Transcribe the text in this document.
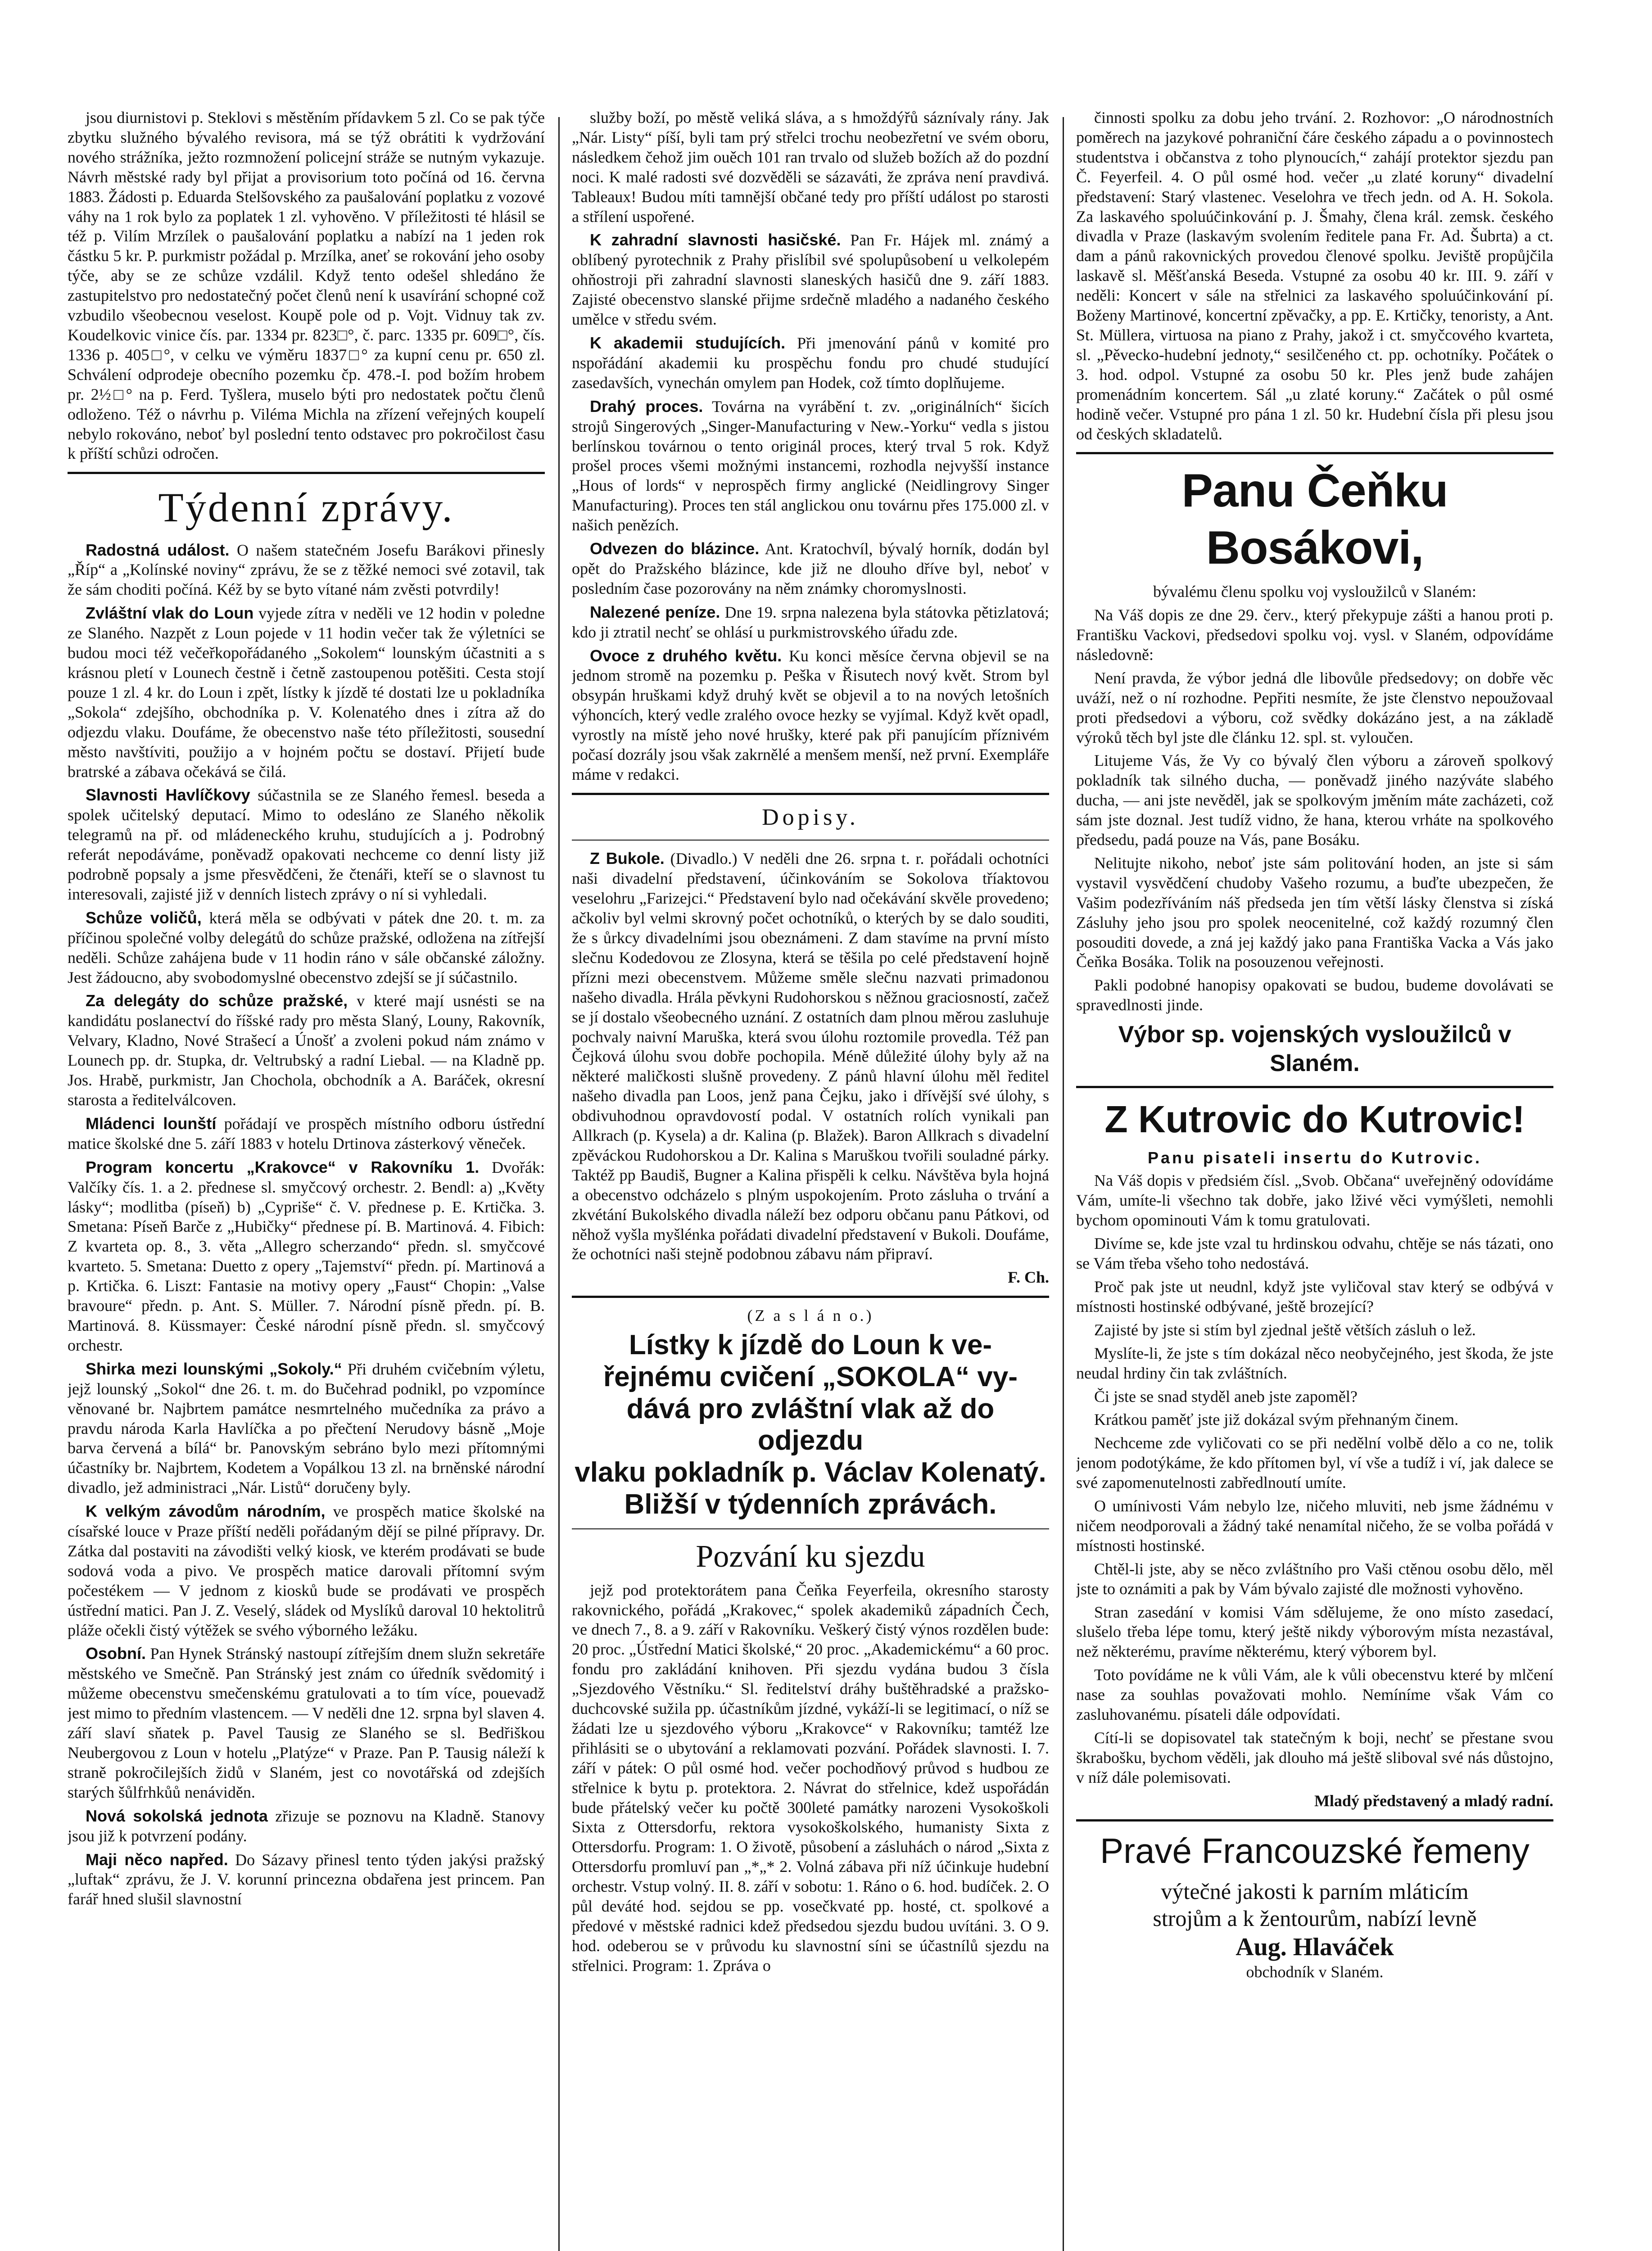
jsou diurnistovi p. Steklovi s městěním přídavkem 5 zl. Co se pak týče zbytku služného bývalého revisora, má se týž obrátiti k vydržování nového strážníka, ježto rozmnožení policejní stráže se nutným vykazuje. Návrh městské rady byl přijat a provisorium toto počíná od 16. června 1883. Žádosti p. Eduarda Stelšovského za paušalování poplatku z vozové váhy na 1 rok bylo za poplatek 1 zl. vyhověno. V příležitosti té hlásil se též p. Vilím Mrzílek o paušalování poplatku a nabízí na 1 jeden rok částku 5 kr. P. purkmistr požádal p. Mrzílka, aneť se rokování jeho osoby týče, aby se ze schůze vzdálil. Když tento odešel shledáno že zastupitelstvo pro nedostatečný počet členů není k usavírání schopné což vzbudilo všeobecnou veselost. Koupě pole od p. Vojt. Vidnuy tak zv. Koudelkovic vinice čís. par. 1334 pr. 823□°, č. parc. 1335 pr. 609□°, čís. 1336 p. 405□°, v celku ve výměru 1837□° za kupní cenu pr. 650 zl. Schválení odprodeje obecního pozemku čp. 478.-I. pod božím hrobem pr. 2½□° na p. Ferd. Tyšlera, muselo býti pro nedostatek počtu členů odloženo. Též o návrhu p. Viléma Michla na zřízení veřejných koupelí nebylo rokováno, neboť byl poslední tento odstavec pro pokročilost času k příští schůzi odročen.

Týdenní zprávy.

Radostná událost. O našem statečném Josefu Barákovi přinesly „Říp“ a „Kolínské noviny“ zprávu, že se z těžké nemoci své zotavil, tak že sám choditi počíná. Kéž by se byto vítané nám zvěsti potvrdily!

Zvláštní vlak do Loun vyjede zítra v neděli ve 12 hodin v poledne ze Slaného. Nazpět z Loun pojede v 11 hodin večer tak že výletníci se budou moci též večeřkopořádaného „Sokolem“ lounským účastniti a s krásnou pletí v Lounech čestně i četně zastoupenou potěšiti. Cesta stojí pouze 1 zl. 4 kr. do Loun i zpět, lístky k jízdě té dostati lze u pokladníka „Sokola“ zdejšího, obchodníka p. V. Kolenatého dnes i zítra až do odjezdu vlaku. Doufáme, že obecenstvo naše této příležitosti, sousední město navštíviti, použijo a v hojném počtu se dostaví. Přijetí bude bratrské a zábava očekává se čilá.

Slavnosti Havlíčkovy súčastnila se ze Slaného řemesl. beseda a spolek učitelský deputací. Mimo to odesláno ze Slaného několik telegramů na př. od mládeneckého kruhu, studujících a j. Podrobný referát nepodáváme, poněvadž opakovati nechceme co denní listy již podrobně popsaly a jsme přesvědčeni, že čtenáři, kteří se o slavnost tu interesovali, zajisté již v denních listech zprávy o ní si vyhledali.

Schůze voličů, která měla se odbývati v pátek dne 20. t. m. za příčinou společné volby delegátů do schůze pražské, odložena na zítřejší neděli. Schůze zahájena bude v 11 hodin ráno v sále občanské záložny. Jest žádoucno, aby svobodomyslné obecenstvo zdejší se jí súčastnilo.

Za delegáty do schůze pražské, v které mají usnésti se na kandidátu poslanectví do říšské rady pro města Slaný, Louny, Rakovník, Velvary, Kladno, Nové Strašecí a Únošť a zvoleni pokud nám známo v Lounech pp. dr. Stupka, dr. Veltrubský a radní Liebal. — na Kladně pp. Jos. Hrabě, purkmistr, Jan Chochola, obchodník a A. Baráček, okresní starosta a ředitelválcoven.

Mládenci lounští pořádají ve prospěch místního odboru ústřední matice školské dne 5. září 1883 v hotelu Drtinova zásterkový věneček.

Program koncertu „Krakovce“ v Rakovníku 1. Dvořák: Valčíky čís. 1. a 2. přednese sl. smyčcový orchestr. 2. Bendl: a) „Květy lásky“; modlitba (píseň) b) „Cypriše“ č. V. přednese p. E. Krtička. 3. Smetana: Píseň Barče z „Hubičky“ přednese pí. B. Martinová. 4. Fibich: Z kvarteta op. 8., 3. věta „Allegro scherzando“ předn. sl. smyčcové kvarteto. 5. Smetana: Duetto z opery „Tajemství“ předn. pí. Martinová a p. Krtička. 6. Liszt: Fantasie na motivy opery „Faust“ Chopin: „Valse bravoure“ předn. p. Ant. S. Müller. 7. Národní písně předn. pí. B. Martinová. 8. Küssmayer: České národní písně předn. sl. smyčcový orchestr.

Shirka mezi lounskými „Sokoly.“ Při druhém cvičebním výletu, jejž lounský „Sokol“ dne 26. t. m. do Bučehrad podnikl, po vzpomínce věnované br. Najbrtem památce nesmrtelného mučedníka za právo a pravdu národa Karla Havlíčka a po přečtení Nerudovy básně „Moje barva červená a bílá“ br. Panovským sebráno bylo mezi přítomnými účastníky br. Najbrtem, Kodetem a Vopálkou 13 zl. na brněnské národní divadlo, jež administraci „Nár. Listů“ doručeny byly.

K velkým závodům národním, ve prospěch matice školské na císařské louce v Praze příští neděli pořádaným dějí se pilné přípravy. Dr. Zátka dal postaviti na závodišti velký kiosk, ve kterém prodávati se bude sodová voda a pivo. Ve prospěch matice darovali přítomní svým počestékem — V jednom z kiosků bude se prodávati ve prospěch ústřední matici. Pan J. Z. Veselý, sládek od Myslíků daroval 10 hektolitrů pláže očekli čistý výtěžek se svého výborného ležáku.

Osobní. Pan Hynek Stránský nastoupí zítřejším dnem služn sekretáře městského ve Smečně. Pan Stránský jest znám co úředník svědomitý i můžeme obecenstvu smečenskému gratulovati a to tím více, pouevadž jest mimo to předním vlastencem. — V neděli dne 12. srpna byl slaven 4. září slaví sňatek p. Pavel Tausig ze Slaného se sl. Bedřiškou Neubergovou z Loun v hotelu „Platýze“ v Praze. Pan P. Tausig náleží k straně pokročilejších židů v Slaném, jest co novotářská od zdejších starých šůlfrhkůů nenáviděn.

Nová sokolská jednota zřizuje se poznovu na Kladně. Stanovy jsou již k potvrzení podány.

Maji něco napřed. Do Sázavy přinesl tento týden jakýsi pražský „luftak“ zprávu, že J. V. korunní princezna obdařena jest princem. Pan farář hned slušil slavnostní

služby boží, po městě veliká sláva, a s hmoždýřů sáznívaly rány. Jak „Nár. Listy“ píší, byli tam prý střelci trochu neobezřetní ve svém oboru, následkem čehož jim ouěch 101 ran trvalo od služeb božích až do pozdní noci. K malé radosti své dozvěděli se sázaváti, že zpráva není pravdivá. Tableaux! Budou míti tamnější občané tedy pro příští událost po starosti a střílení uspořené.

K zahradní slavnosti hasičské. Pan Fr. Hájek ml. známý a oblíbený pyrotechnik z Prahy přislíbil své spolupůsobení u velkolepém ohňostroji při zahradní slavnosti slaneských hasičů dne 9. září 1883. Zajisté obecenstvo slanské přijme srdečně mladého a nadaného českého umělce v středu svém.

K akademii studujících. Při jmenování pánů v komité pro nspořádání akademii ku prospěchu fondu pro chudé studující zasedavších, vynechán omylem pan Hodek, což tímto doplňujeme.

Drahý proces. Továrna na vyrábění t. zv. „originálních“ šicích strojů Singerových „Singer-Manufacturing v New.-Yorku“ vedla s jistou berlínskou továrnou o tento originál proces, který trval 5 rok. Když prošel proces všemi možnými instancemi, rozhodla nejvyšší instance „Hous of lords“ v neprospěch firmy anglické (Neidlingrovy Singer Manufacturing). Proces ten stál anglickou onu továrnu přes 175.000 zl. v našich penězích.

Odvezen do blázince. Ant. Kratochvíl, bývalý horník, dodán byl opět do Pražského blázince, kde již ne dlouho dříve byl, neboť v posledním čase pozorovány na něm známky choromyslnosti.

Nalezené peníze. Dne 19. srpna nalezena byla státovka pětizlatová; kdo ji ztratil nechť se ohlásí u purkmistrovského úřadu zde.

Ovoce z druhého květu. Ku konci měsíce června objevil se na jednom stromě na pozemku p. Peška v Řisutech nový květ. Strom byl obsypán hruškami když druhý květ se objevil a to na nových letošních výhoncích, který vedle zralého ovoce hezky se vyjímal. Když květ opadl, vyrostly na místě jeho nové hrušky, které pak při panujícím příznivém počasí dozrály jsou však zakrnělé a menšem menší, než první. Exempláře máme v redakci.

Dopisy.

Z Bukole. (Divadlo.) V neděli dne 26. srpna t. r. pořádali ochotníci naši divadelní představení, účinkováním se Sokolova tříaktovou veselohru „Farizejci.“ Představení bylo nad očekávání skvěle provedeno; ačkoliv byl velmi skrovný počet ochotníků, o kterých by se dalo souditi, že s ůrkcy divadelními jsou obeznámeni. Z dam stavíme na první místo slečnu Kodedovou ze Zlosyna, která se těšila po celé představení hojně přízni mezi obecenstvem. Můžeme směle slečnu nazvati primadonou našeho divadla. Hrála pěvkyni Rudohorskou s něžnou graciosností, začež se jí dostalo všeobecného uznání. Z ostatních dam plnou měrou zasluhuje pochvaly naivní Maruška, která svou úlohu roztomile provedla. Též pan Čejková úlohu svou dobře pochopila. Méně důležité úlohy byly až na některé maličkosti slušně provedeny. Z pánů hlavní úlohu měl ředitel našeho divadla pan Loos, jenž pana Čejku, jako i dřívější své úlohy, s obdivuhodnou opravdovostí podal. V ostatních rolích vynikali pan Allkrach (p. Kysela) a dr. Kalina (p. Blažek). Baron Allkrach s divadelní zpěváckou Rudohorskou a Dr. Kalina s Maruškou tvořili souladné párky. Taktéž pp Baudiš, Bugner a Kalina přispěli k celku. Návštěva byla hojná a obecenstvo odcházelo s plným uspokojením. Proto zásluha o trvání a zkvétání Bukolského divadla náleží bez odporu občanu panu Pátkovi, od něhož vyšla myšlénka pořádati divadelní představení v Bukoli. Doufáme, že ochotníci naši stejně podobnou zábavu nám připraví.

F. Ch.

(Z a s l á n o.)

Lístky k jízdě do Loun k ve-
řejnému cvičení „SOKOLA“ vy-
dává pro zvláštní vlak až do odjezdu
vlaku pokladník p. Václav Kolenatý.
Bližší v týdenních zprávách.
Pozvání ku sjezdu

jejž pod protektorátem pana Čeňka Feyerfeila, okresního starosty rakovnického, pořádá „Krakovec,“ spolek akademiků západních Čech, ve dnech 7., 8. a 9. září v Rakovníku. Veškerý čistý výnos rozdělen bude: 20 proc. „Ústřední Matici školské,“ 20 proc. „Akademickému“ a 60 proc. fondu pro zakládání knihoven. Při sjezdu vydána budou 3 čísla „Sjezdového Věstníku.“ Sl. ředitelství dráhy buštěhradské a pražsko-duchcovské sužila pp. účastníkům jízdné, vykáží-li se legitimací, o níž se žádati lze u sjezdového výboru „Krakovce“ v Rakovníku; tamtéž lze přihlásiti se o ubytování a reklamovati pozvání. Pořádek slavnosti. I. 7. září v pátek: O půl osmé hod. večer pochodňový průvod s hudbou ze střelnice k bytu p. protektora. 2. Návrat do střelnice, kdež uspořádán bude přátelský večer ku počtě 300leté památky narozeni Vysokoškoli Sixta z Ottersdorfu, rektora vysokoškolského, humanisty Sixta z Ottersdorfu. Program: 1. O životě, působení a zásluhách o národ „Sixta z Ottersdorfu promluví pan „*„* 2. Volná zábava při níž účinkuje hudební orchestr. Vstup volný. II. 8. září v sobotu: 1. Ráno o 6. hod. budíček. 2. O půl deváté hod. sejdou se pp. vosečkvaté pp. hosté, ct. spolkové a předové v městské radnici kdež předsedou sjezdu budou uvítáni. 3. O 9. hod. odeberou se v průvodu ku slavnostní síni se účastnílů sjezdu na střelnici. Program: 1. Zpráva o

činnosti spolku za dobu jeho trvání. 2. Rozhovor: „O národnostních poměrech na jazykové pohraniční čáre českého západu a o povinnostech studentstva i občanstva z toho plynoucích,“ zahájí protektor sjezdu pan Č. Feyerfeil. 4. O půl osmé hod. večer „u zlaté koruny“ divadelní představení: Starý vlastenec. Veselohra ve třech jedn. od A. H. Sokola. Za laskavého spoluúčinkování p. J. Šmahy, člena král. zemsk. českého divadla v Praze (laskavým svolením ředitele pana Fr. Ad. Šubrta) a ct. dam a pánů rakovnických provedou členové spolku. Jeviště propůjčila laskavě sl. Měšťanská Beseda. Vstupné za osobu 40 kr. III. 9. září v neděli: Koncert v sále na střelnici za laskavého spoluúčinkování pí. Boženy Martinové, koncertní zpěvačky, a pp. E. Krtičky, tenoristy, a Ant. St. Müllera, virtuosa na piano z Prahy, jakož i ct. smyčcového kvarteta, sl. „Pěvecko-hudební jednoty,“ sesilčeného ct. pp. ochotníky. Počátek o 3. hod. odpol. Vstupné za osobu 50 kr. Ples jenž bude zahájen promenádním koncertem. Sál „u zlaté koruny.“ Začátek o půl osmé hodině večer. Vstupné pro pána 1 zl. 50 kr. Hudební čísla při plesu jsou od českých skladatelů.

Panu Čeňku Bosákovi,

bývalému členu spolku voj vysloužilců v Slaném:

Na Váš dopis ze dne 29. červ., který překypuje zášti a hanou proti p. Františku Vackovi, předsedovi spolku voj. vysl. v Slaném, odpovídáme následovně:

Není pravda, že výbor jedná dle libovůle předsedovy; on dobře věc uváží, než o ní rozhodne. Pepřiti nesmíte, že jste členstvo nepoužovaal proti předsedovi a výboru, což svědky dokázáno jest, a na základě výroků těch byl jste dle článku 12. spl. st. vyloučen.

Litujeme Vás, že Vy co bývalý člen výboru a zároveň spolkový pokladník tak silného ducha, — poněvadž jiného nazýváte slabého ducha, — ani jste nevěděl, jak se spolkovým jměním máte zacházeti, což sám jste doznal. Jest tudíž vidno, že hana, kterou vrháte na spolkového předsedu, padá pouze na Vás, pane Bosáku.

Nelitujte nikoho, neboť jste sám politování hoden, an jste si sám vystavil vysvědčení chudoby Vašeho rozumu, a buďte ubezpečen, že Vašim podezříváním náš předseda jen tím větší lásky členstva si získá Zásluhy jeho jsou pro spolek neocenitelné, což každý rozumný člen posouditi dovede, a zná jej každý jako pana Františka Vacka a Vás jako Čeňka Bosáka. Tolik na posouzenou veřejnosti.

Pakli podobné hanopisy opakovati se budou, budeme dovolávati se spravedlnosti jinde.

Výbor sp. vojenských vysloužilců v Slaném.
Z Kutrovic do Kutrovic!

Panu pisateli insertu do Kutrovic.

Na Váš dopis v předsiém čísl. „Svob. Občana“ uveřejněný odovídáme Vám, umíte-li všechno tak dobře, jako lživé věci vymýšleti, nemohli bychom opominouti Vám k tomu gratulovati.

Divíme se, kde jste vzal tu hrdinskou odvahu, chtěje se nás tázati, ono se Vám třeba všeho toho nedostává.

Proč pak jste ut neudnl, když jste vyličoval stav který se odbývá v místnosti hostinské odbývané, ještě brozející?

Zajisté by jste si stím byl zjednal ještě větších zásluh o lež.

Myslíte-li, že jste s tím dokázal něco neobyčejného, jest škoda, že jste neudal hrdiny čin tak zvláštních.

Či jste se snad styděl aneb jste zapoměl?

Krátkou paměť jste již dokázal svým přehnaným činem.

Nechceme zde vyličovati co se při nedělní volbě dělo a co ne, tolik jenom podotýkáme, že kdo přítomen byl, ví vše a tudíž i ví, jak dalece se své zapomenutelnosti zabředlnoutí umíte.

O umínivosti Vám nebylo lze, ničeho mluviti, neb jsme žádnému v ničem neodporovali a žádný také nenamítal ničeho, že se volba pořádá v místnosti hostinské.

Chtěl-li jste, aby se něco zvláštního pro Vaši ctěnou osobu dělo, měl jste to oznámiti a pak by Vám bývalo zajisté dle možnosti vyhověno.

Stran zasedání v komisi Vám sdělujeme, že ono místo zasedací, slušelo třeba lépe tomu, který ještě nikdy výborovým místa nezastával, než některému, pravíme některému, který výborem byl.

Toto povídáme ne k vůli Vám, ale k vůli obecenstvu které by mlčení nase za souhlas považovati mohlo. Nemíníme však Vám co zasluhovanému. písateli dále odpovídati.

Cítí-li se dopisovatel tak statečným k boji, nechť se přestane svou škrabošku, bychom věděli, jak dlouho má ještě sliboval své nás důstojno, v níž dále polemisovati.

Mladý představený a mladý radní.

Pravé Francouzské řemeny
výtečné jakosti k parním mláticím
strojům a k žentourům, nabízí levně
Aug. Hlaváček
obchodník v Slaném.
